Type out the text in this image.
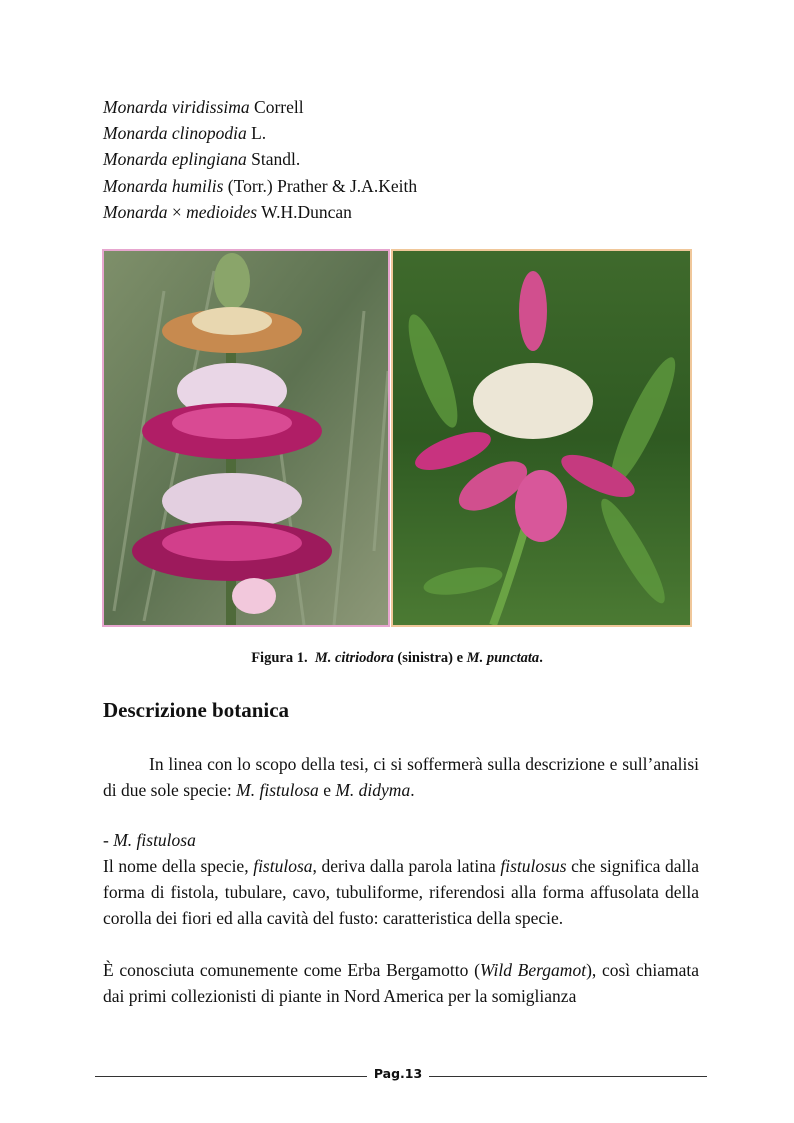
Monarda viridissima Correll
Monarda clinopodia L.
Monarda eplingiana Standl.
Monarda humilis (Torr.) Prather & J.A.Keith
Monarda × medioides W.H.Duncan
Figura 1. M. citriodora (sinistra) e M. punctata.
Descrizione botanica
In linea con lo scopo della tesi, ci si soffermerà sulla descrizione e sull’analisi di due sole specie: M. fistulosa e M. didyma.
- M. fistulosa
Il nome della specie, fistulosa, deriva dalla parola latina fistulosus che significa dalla forma di fistola, tubulare, cavo, tubuliforme, riferendosi alla forma affusolata della corolla dei fiori ed alla cavità del fusto: caratteristica della specie.
È conosciuta comunemente come Erba Bergamotto (Wild Bergamot), così chiamata dai primi collezionisti di piante in Nord America per la somiglianza
Pag.13
